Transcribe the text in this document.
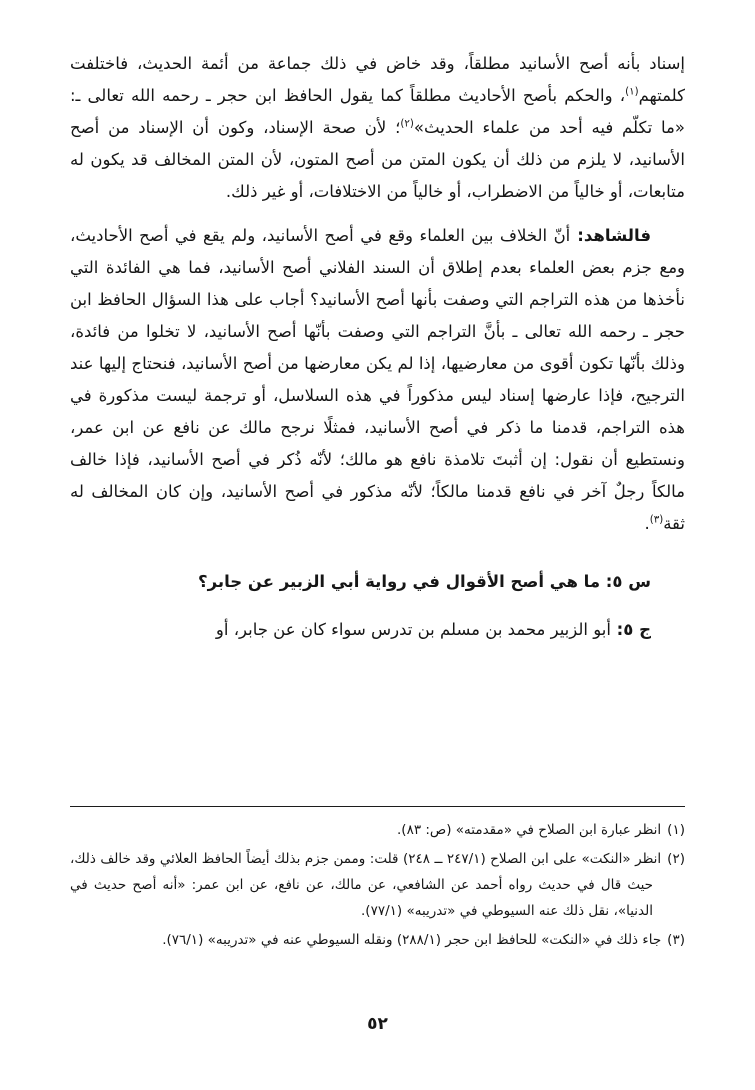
إسناد بأنه أصح الأسانيد مطلقاً، وقد خاض في ذلك جماعة من أئمة الحديث، فاختلفت كلمتهم$^{(١)}$، والحكم بأصح الأحاديث مطلقاً كما يقول الحافظ ابن حجر ـ رحمه الله تعالى ـ: «ما تكلّم فيه أحد من علماء الحديث»$^{(٢)}$؛ لأن صحة الإسناد، وكون أن الإسناد من أصح الأسانيد، لا يلزم من ذلك أن يكون المتن من أصح المتون، لأن المتن المخالف قد يكون له متابعات، أو خالياً من الاضطراب، أو خالياً من الاختلافات، أو غير ذلك.

فالشاهد: أنّ الخلاف بين العلماء وقع في أصح الأسانيد، ولم يقع في أصح الأحاديث، ومع جزم بعض العلماء بعدم إطلاق أن السند الفلاني أصح الأسانيد، فما هي الفائدة التي نأخذها من هذه التراجم التي وصفت بأنها أصح الأسانيد؟ أجاب على هذا السؤال الحافظ ابن حجر ـ رحمه الله تعالى ـ بأنَّ التراجم التي وصفت بأنّها أصح الأسانيد، لا تخلوا من فائدة، وذلك بأنّها تكون أقوى من معارضيها، إذا لم يكن معارضها من أصح الأسانيد، فنحتاج إليها عند الترجيح، فإذا عارضها إسناد ليس مذكوراً في هذه السلاسل، أو ترجمة ليست مذكورة في هذه التراجم، قدمنا ما ذكر في أصح الأسانيد، فمثلًا نرجح مالك عن نافع عن ابن عمر، ونستطيع أن نقول: إن أثبتَ تلامذة نافع هو مالك؛ لأنّه ذُكر في أصح الأسانيد، فإذا خالف مالكاً رجلٌ آخر في نافع قدمنا مالكاً؛ لأنّه مذكور في أصح الأسانيد، وإن كان المخالف له ثقة$^{(٣)}$.

س ٥: ما هي أصح الأقوال في رواية أبي الزبير عن جابر؟

ج ٥: أبو الزبير محمد بن مسلم بن تدرس سواء كان عن جابر، أو

(١)انظر عبارة ابن الصلاح في «مقدمته» (ص: ٨٣).
(٢)انظر «النكت» على ابن الصلاح (٢٤٧/١ ــ ٢٤٨) قلت: وممن جزم بذلك أيضاً الحافظ العلائي وقد خالف ذلك، حيث قال في حديث رواه أحمد عن الشافعي، عن مالك، عن نافع، عن ابن عمر: «أنه أصح حديث في الدنيا»، نقل ذلك عنه السيوطي في «تدريبه» (٧٧/١).
(٣)جاء ذلك في «النكت» للحافظ ابن حجر (٢٨٨/١) ونقله السيوطي عنه في «تدريبه» (٧٦/١).
٥٢
